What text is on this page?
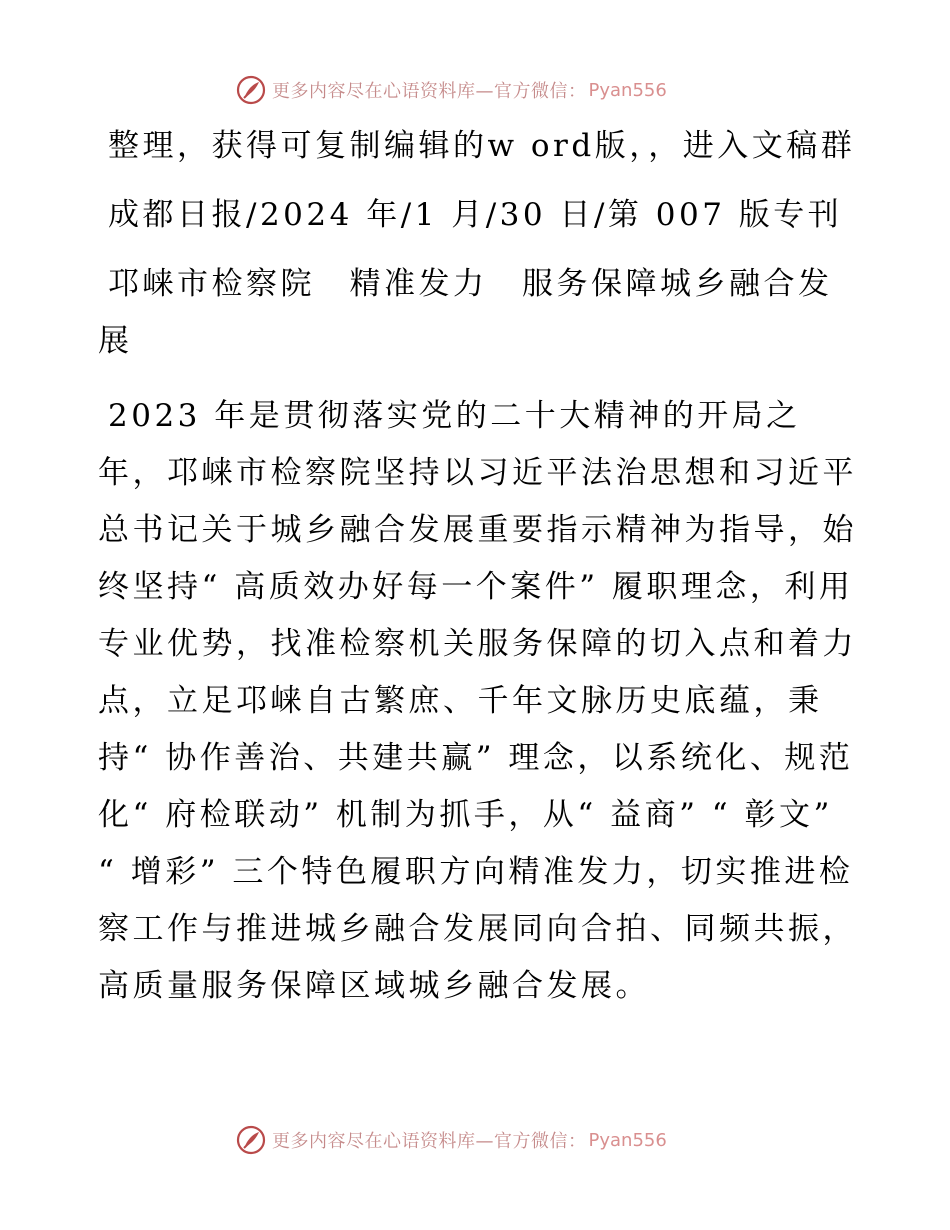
更多内容尽在心语资料库—官方微信： Pyan556

整理，获得可复制编辑的w ord版，，进入文稿群

成都日报/2024 年/1 月/30 日/第 007 版专刊

邛崃市检察院　精准发力　服务保障城乡融合发展

2023 年是贯彻落实党的二十大精神的开局之年，邛崃市检察院坚持以习近平法治思想和习近平总书记关于城乡融合发展重要指示精神为指导，始终坚持“ 高质效办好每一个案件” 履职理念，利用专业优势，找准检察机关服务保障的切入点和着力点，立足邛崃自古繁庶、千年文脉历史底蕴，秉持“ 协作善治、共建共赢” 理念，以系统化、规范化“ 府检联动” 机制为抓手，从“ 益商” “ 彰文” “ 增彩” 三个特色履职方向精准发力，切实推进检察工作与推进城乡融合发展同向合拍、同频共振，高质量服务保障区域城乡融合发展。

更多内容尽在心语资料库—官方微信： Pyan556
